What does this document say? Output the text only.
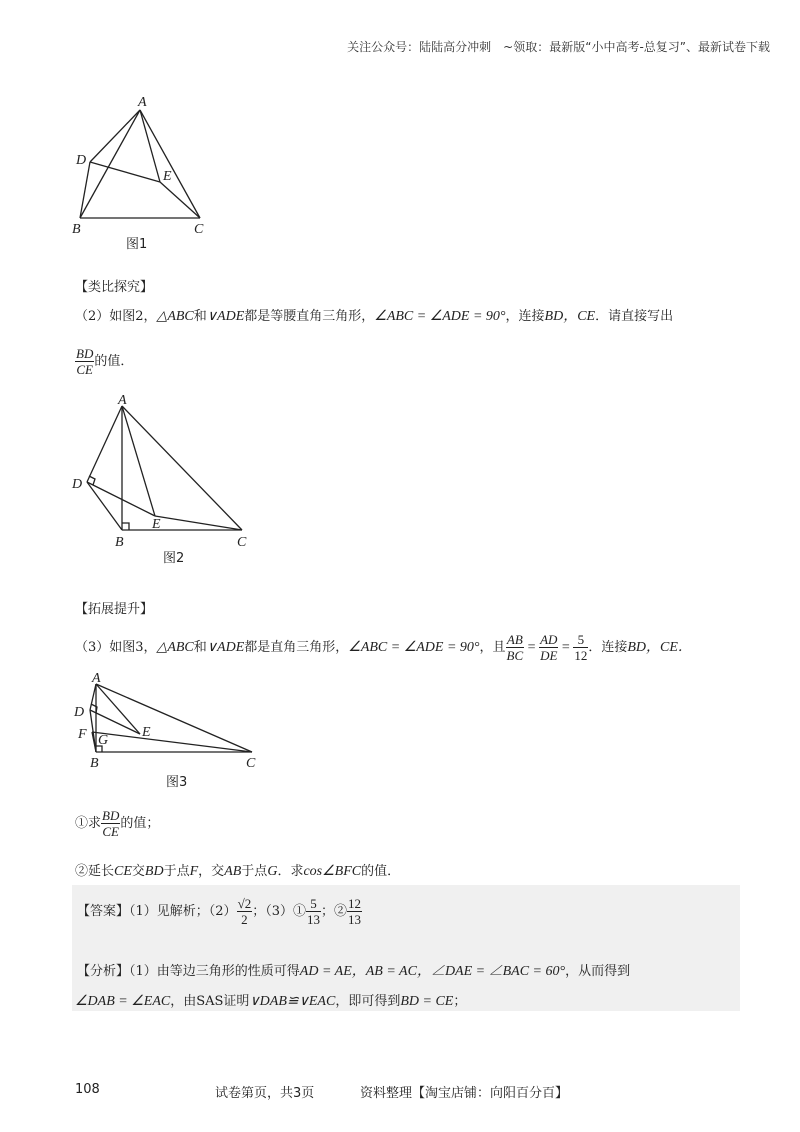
关注公众号：陆陆高分冲刺　~领取：最新版“小中高考-总复习”、最新试卷下载
A
D
E
B	C
图1
【类比探究】
（2）如图2，△ABC和∨ADE都是等腰直角三角形，∠ABC = ∠ADE = 90°，连接BD，CE．请直接写出
$\frac{BD}{CE}$ 的值．
A
D
E
B	C
图2
【拓展提升】
（3）如图3，△ABC和∨ADE都是直角三角形，∠ABC = ∠ADE = 90°，且 $\frac{AB}{BC} = \frac{AD}{DE} = \frac{5}{12}$ ．连接BD，CE．
A
D
E
F G
B	C
图3
①求 $\frac{BD}{CE}$ 的值；
②延长CE交BD于点F，交AB于点G．求cos∠BFC的值．
【答案】（1）见解析；$(2) \frac{√2}{2}$ ；（3）① $\frac{5}{13}$ ；② $\frac{12}{13}$
【分析】（1）由等边三角形的性质可得AD = AE，AB = AC，∠DAE = ∠BAC = 60°，从而得到
∠DAB = ∠EAC，由SAS证明∨DAB≌∨EAC，即可得到BD = CE；
108	试卷第页，共3页	资料整理【淘宝店铺：向阳百分百】
